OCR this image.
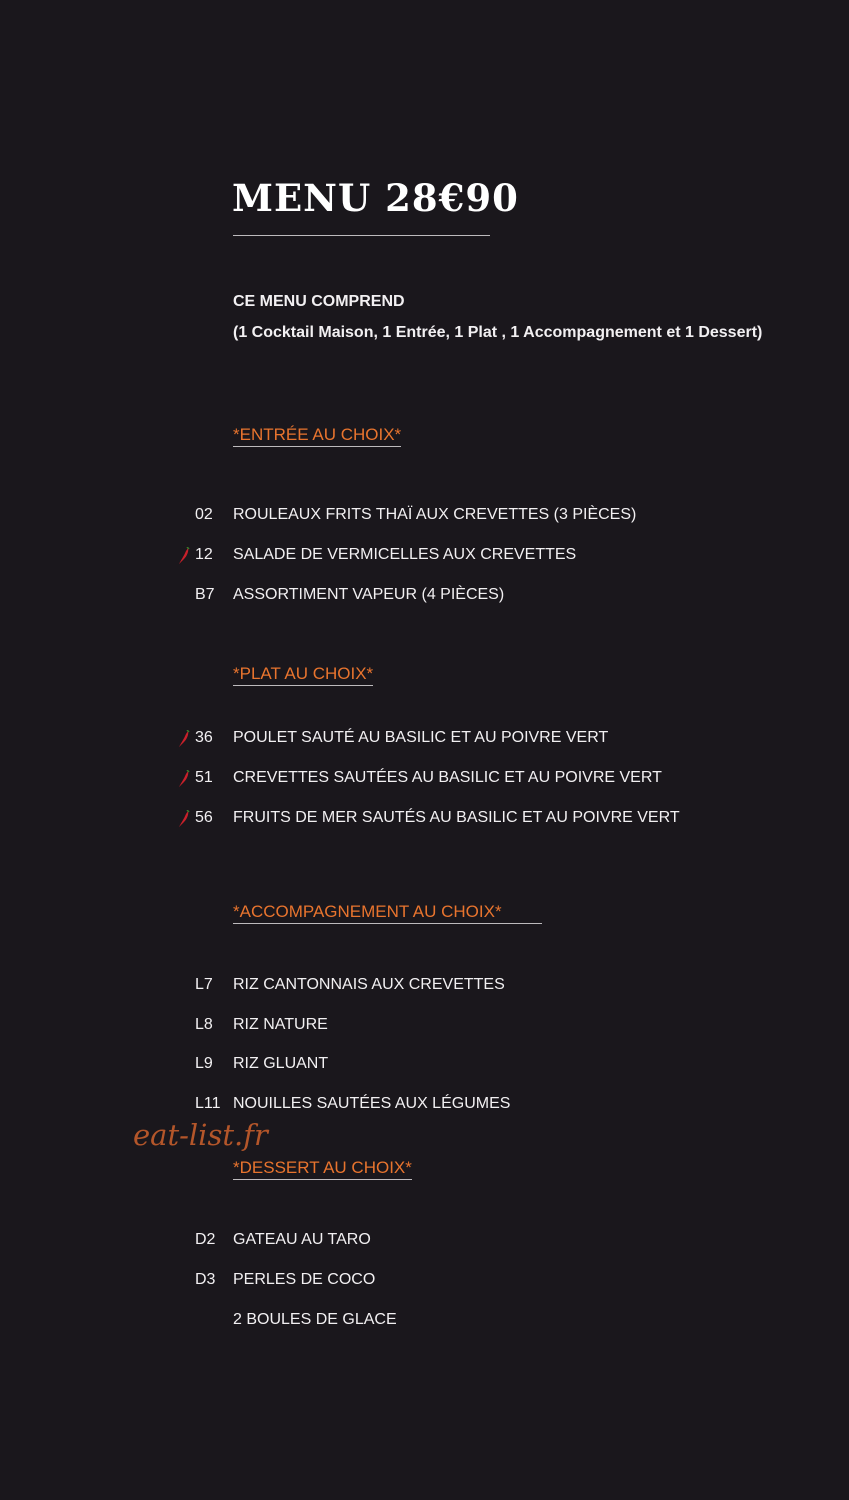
MENU 28€90
CE MENU COMPREND
(1 Cocktail Maison, 1 Entrée, 1 Plat , 1 Accompagnement et 1 Dessert)
*ENTRÉE AU CHOIX*
02 ROULEAUX FRITS THAÏ AUX CREVETTES (3 PIÈCES)
12 SALADE DE VERMICELLES AUX CREVETTES
B7 ASSORTIMENT VAPEUR (4 PIÈCES)
*PLAT AU CHOIX*
36 POULET SAUTÉ AU BASILIC ET AU POIVRE VERT
51 CREVETTES SAUTÉES AU BASILIC ET AU POIVRE VERT
56 FRUITS DE MER SAUTÉS AU BASILIC ET AU POIVRE VERT
*ACCOMPAGNEMENT AU CHOIX*
L7 RIZ CANTONNAIS AUX CREVETTES
L8 RIZ NATURE
L9 RIZ GLUANT
L11 NOUILLES SAUTÉES AUX LÉGUMES
eat-list.fr
*DESSERT AU CHOIX*
D2 GATEAU AU TARO
D3 PERLES DE COCO
2 BOULES DE GLACE
